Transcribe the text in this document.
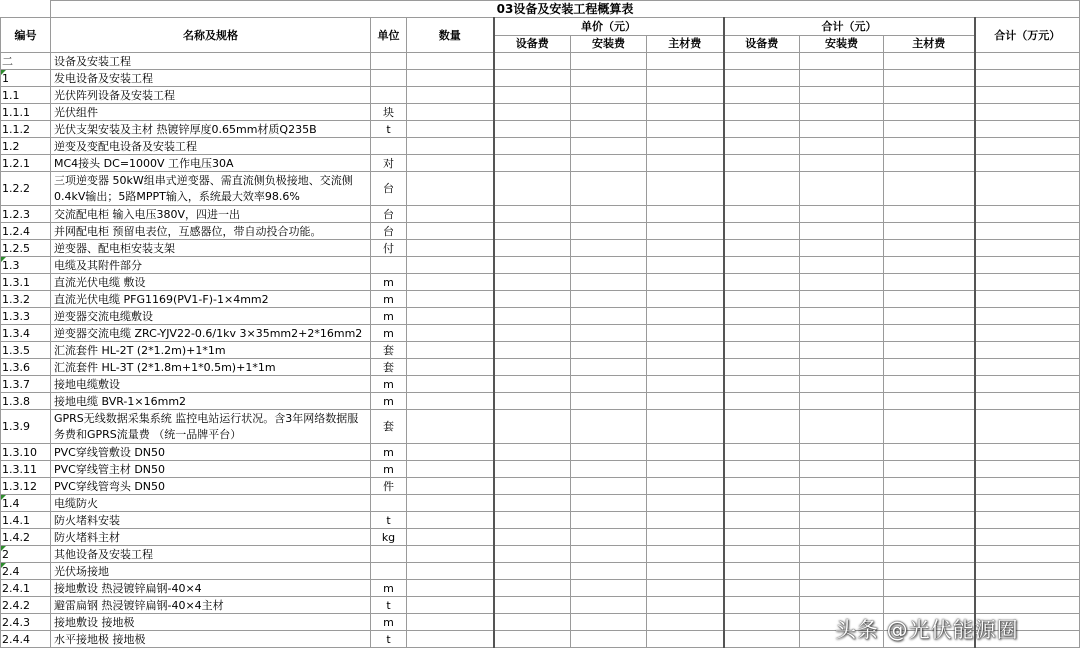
	03设备及安装工程概算表									
编号	名称及规格	单位	数量	单价（元）			合计（元）			合计（万元）
				设备费	安装费	主材费	设备费	安装费	主材费	
二	设备及安装工程									
1	发电设备及安装工程									
1.1	光伏阵列设备及安装工程									
1.1.1	光伏组件	块								
1.1.2	光伏支架安装及主材 热镀锌厚度0.65mm材质Q235B	t								
1.2	逆变及变配电设备及安装工程									
1.2.1	MC4接头 DC=1000V 工作电压30A	对								
1.2.2	三项逆变器 50kW组串式逆变器、需直流侧负极接地、交流侧0.4kV输出；5路MPPT输入，系统最大效率98.6%	台								
1.2.3	交流配电柜 输入电压380V，四进一出	台								
1.2.4	并网配电柜 预留电表位，互感器位，带自动投合功能。	台								
1.2.5	逆变器、配电柜安装支架	付								
1.3	电缆及其附件部分									
1.3.1	直流光伏电缆 敷设	m								
1.3.2	直流光伏电缆 PFG1169(PV1-F)-1×4mm2	m								
1.3.3	逆变器交流电缆敷设	m								
1.3.4	逆变器交流电缆 ZRC-YJV22-0.6/1kv 3×35mm2+2*16mm2	m								
1.3.5	汇流套件 HL-2T (2*1.2m)+1*1m	套								
1.3.6	汇流套件 HL-3T (2*1.8m+1*0.5m)+1*1m	套								
1.3.7	接地电缆敷设	m								
1.3.8	接地电缆 BVR-1×16mm2	m								
1.3.9	GPRS无线数据采集系统 监控电站运行状况。含3年网络数据服务费和GPRS流量费 （统一品牌平台）	套								
1.3.10	PVC穿线管敷设 DN50	m								
1.3.11	PVC穿线管主材 DN50	m								
1.3.12	PVC穿线管弯头 DN50	件								
1.4	电缆防火									
1.4.1	防火堵料安装	t								
1.4.2	防火堵料主材	kg								
2	其他设备及安装工程									
2.4	光伏场接地									
2.4.1	接地敷设 热浸镀锌扁钢-40×4	m								
2.4.2	避雷扁钢 热浸镀锌扁钢-40×4主材	t								
2.4.3	接地敷设 接地极	m								
2.4.4	水平接地极 接地极	t									头条 @光伏能源圈
